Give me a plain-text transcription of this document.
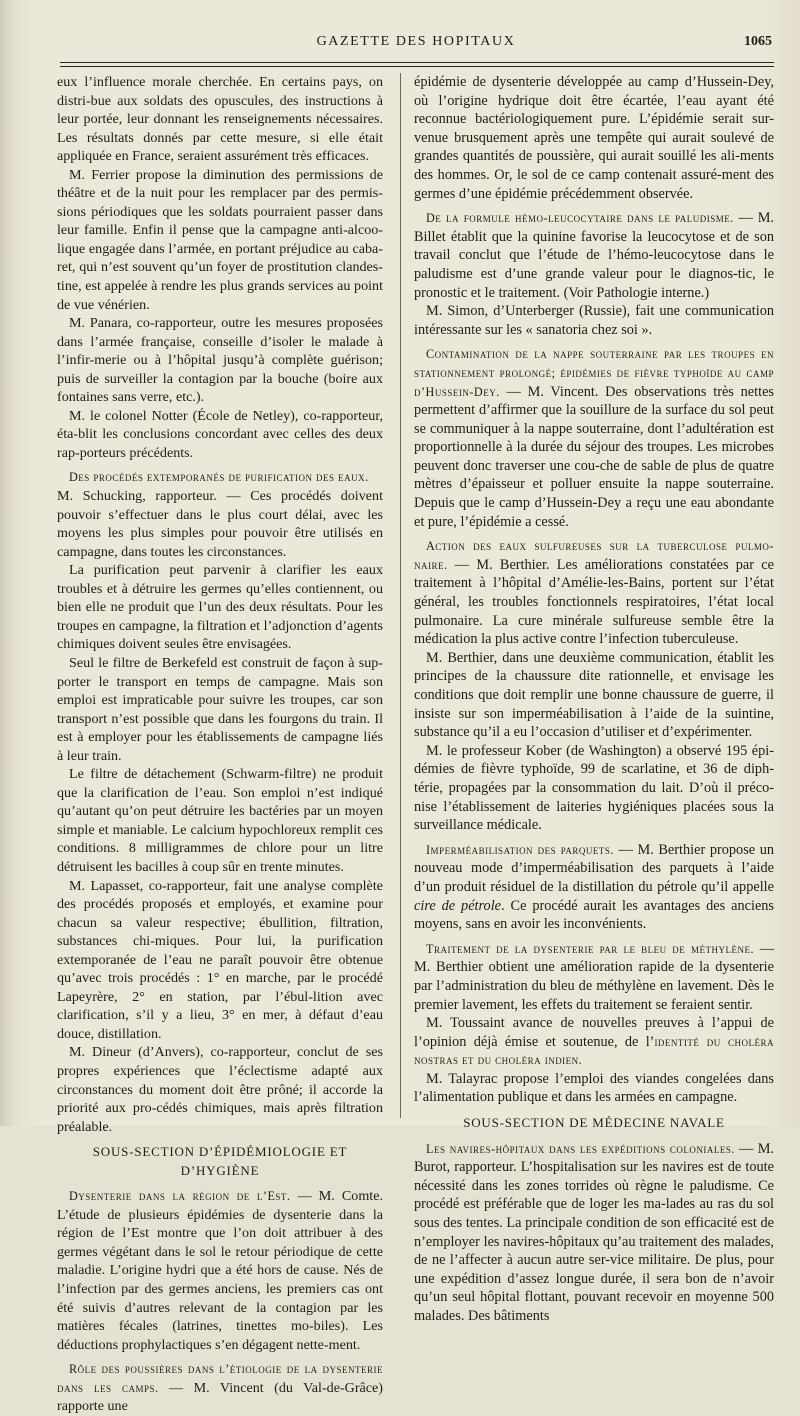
GAZETTE DES HOPITAUX	1065

eux l’influence morale cherchée. En certains pays, on distri-bue aux soldats des opuscules, des instructions à leur portée, leur donnant les renseignements nécessaires. Les résultats donnés par cette mesure, si elle était appliquée en France, seraient assurément très efficaces.

M. Ferrier propose la diminution des permissions de théâtre et de la nuit pour les remplacer par des permis-sions périodiques que les soldats pourraient passer dans leur famille. Enfin il pense que la campagne anti-alcoo-lique engagée dans l’armée, en portant préjudice au caba-ret, qui n’est souvent qu’un foyer de prostitution clandes-tine, est appelée à rendre les plus grands services au point de vue vénérien.

M. Panara, co-rapporteur, outre les mesures proposées dans l’armée française, conseille d’isoler le malade à l’infir-merie ou à l’hôpital jusqu’à complète guérison; puis de surveiller la contagion par la bouche (boire aux fontaines sans verre, etc.).

M. le colonel Notter (École de Netley), co-rapporteur, éta-blit les conclusions concordant avec celles des deux rap-porteurs précédents.

Des procédés extemporanés de purification des eaux.

M. Schucking, rapporteur. — Ces procédés doivent pouvoir s’effectuer dans le plus court délai, avec les moyens les plus simples pour pouvoir être utilisés en campagne, dans toutes les circonstances.

La purification peut parvenir à clarifier les eaux troubles et à détruire les germes qu’elles contiennent, ou bien elle ne produit que l’un des deux résultats. Pour les troupes en campagne, la filtration et l’adjonction d’agents chimiques doivent seules être envisagées.

Seul le filtre de Berkefeld est construit de façon à sup-porter le transport en temps de campagne. Mais son emploi est impraticable pour suivre les troupes, car son transport n’est possible que dans les fourgons du train. Il est à employer pour les établissements de campagne liés à leur train.

Le filtre de détachement (Schwarm-filtre) ne produit que la clarification de l’eau. Son emploi n’est indiqué qu’autant qu’on peut détruire les bactéries par un moyen simple et maniable. Le calcium hypochloreux remplit ces conditions. 8 milligrammes de chlore pour un litre détruisent les bacilles à coup sûr en trente minutes.

M. Lapasset, co-rapporteur, fait une analyse complète des procédés proposés et employés, et examine pour chacun sa valeur respective; ébullition, filtration, substances chi-miques. Pour lui, la purification extemporanée de l’eau ne paraît pouvoir être obtenue qu’avec trois procédés : 1° en marche, par le procédé Lapeyrère, 2° en station, par l’ébul-lition avec clarification, s’il y a lieu, 3° en mer, à défaut d’eau douce, distillation.

M. Dineur (d’Anvers), co-rapporteur, conclut de ses propres expériences que l’éclectisme adapté aux circonstances du moment doit être prôné; il accorde la priorité aux pro-cédés chimiques, mais après filtration préalable.

SOUS-SECTION D’ÉPIDÉMIOLOGIE ET D’HYGIÈNE

Dysenterie dans la région de l’Est. — M. Comte. L’étude de plusieurs épidémies de dysenterie dans la région de l’Est montre que l’on doit attribuer à des germes végétant dans le sol le retour périodique de cette maladie. L’origine hydri que a été hors de cause. Nés de l’infection par des germes anciens, les premiers cas ont été suivis d’autres relevant de la contagion par les matières fécales (latrines, tinettes mo-biles). Les déductions prophylactiques s’en dégagent nette-ment.

Rôle des poussières dans l’étiologie de la dysenterie dans les camps. — M. Vincent (du Val-de-Grâce) rapporte une

épidémie de dysenterie développée au camp d’Hussein-Dey, où l’origine hydrique doit être écartée, l’eau ayant été reconnue bactériologiquement pure. L’épidémie serait sur-venue brusquement après une tempête qui aurait soulevé de grandes quantités de poussière, qui aurait souillé les ali-ments des hommes. Or, le sol de ce camp contenait assuré-ment des germes d’une épidémie précédemment observée.

De la formule hémo-leucocytaire dans le paludisme. — M. Billet établit que la quinine favorise la leucocytose et de son travail conclut que l’étude de l’hémo-leucocytose dans le paludisme est d’une grande valeur pour le diagnos-tic, le pronostic et le traitement. (Voir Pathologie interne.)

M. Simon, d’Unterberger (Russie), fait une communication intéressante sur les « sanatoria chez soi ».

Contamination de la nappe souterraine par les troupes en stationnement prolongé; épidémies de fièvre typhoïde au camp d’Hussein-Dey. — M. Vincent. Des observations très nettes permettent d’affirmer que la souillure de la surface du sol peut se communiquer à la nappe souterraine, dont l’adultération est proportionnelle à la durée du séjour des troupes. Les microbes peuvent donc traverser une cou-che de sable de plus de quatre mètres d’épaisseur et polluer ensuite la nappe souterraine. Depuis que le camp d’Hussein-Dey a reçu une eau abondante et pure, l’épidémie a cessé.

Action des eaux sulfureuses sur la tuberculose pulmo-naire. — M. Berthier. Les améliorations constatées par ce traitement à l’hôpital d’Amélie-les-Bains, portent sur l’état général, les troubles fonctionnels respiratoires, l’état local pulmonaire. La cure minérale sulfureuse semble être la médication la plus active contre l’infection tuberculeuse.

M. Berthier, dans une deuxième communication, établit les principes de la chaussure dite rationnelle, et envisage les conditions que doit remplir une bonne chaussure de guerre, il insiste sur son imperméabilisation à l’aide de la suintine, substance qu’il a eu l’occasion d’utiliser et d’expérimenter.

M. le professeur Kober (de Washington) a observé 195 épi-démies de fièvre typhoïde, 99 de scarlatine, et 36 de diph-térie, propagées par la consommation du lait. D’où il préco-nise l’établissement de laiteries hygiéniques placées sous la surveillance médicale.

Imperméabilisation des parquets. — M. Berthier propose un nouveau mode d’imperméabilisation des parquets à l’aide d’un produit résiduel de la distillation du pétrole qu’il appelle cire de pétrole. Ce procédé aurait les avantages des anciens moyens, sans en avoir les inconvénients.

Traitement de la dysenterie par le bleu de méthylène. — M. Berthier obtient une amélioration rapide de la dysenterie par l’administration du bleu de méthylène en lavement. Dès le premier lavement, les effets du traitement se feraient sentir.

M. Toussaint avance de nouvelles preuves à l’appui de l’opinion déjà émise et soutenue, de l’identité du choléra nostras et du choléra indien.

M. Talayrac propose l’emploi des viandes congelées dans l’alimentation publique et dans les armées en campagne.

SOUS-SECTION DE MÉDECINE NAVALE

Les navires-hôpitaux dans les expéditions coloniales. — M. Burot, rapporteur. L’hospitalisation sur les navires est de toute nécessité dans les zones torrides où règne le paludisme. Ce procédé est préférable que de loger les ma-lades au ras du sol sous des tentes. La principale condition de son efficacité est de n’employer les navires-hôpitaux qu’au traitement des malades, de ne l’affecter à aucun autre ser-vice militaire. De plus, pour une expédition d’assez longue durée, il sera bon de n’avoir qu’un seul hôpital flottant, pouvant recevoir en moyenne 500 malades. Des bâtiments
